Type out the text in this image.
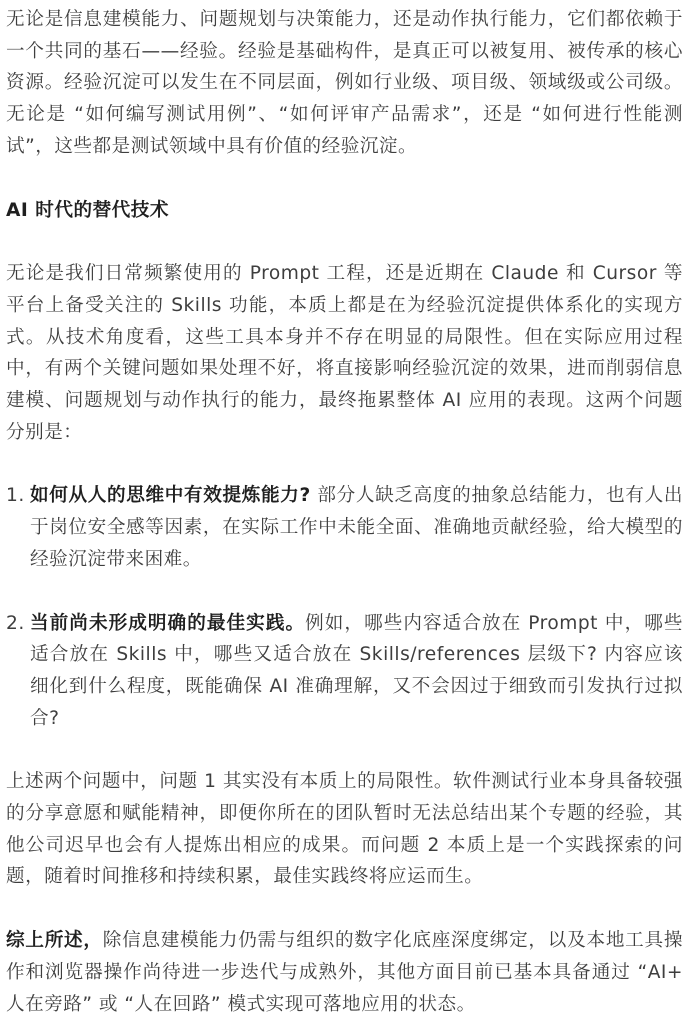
无论是信息建模能力、问题规划与决策能力，还是动作执行能力，它们都依赖于一个共同的基石——经验。经验是基础构件，是真正可以被复用、被传承的核心资源。经验沉淀可以发生在不同层面，例如行业级、项目级、领域级或公司级。无论是 “如何编写测试用例”、“如何评审产品需求”，还是 “如何进行性能测试”，这些都是测试领域中具有价值的经验沉淀。

AI 时代的替代技术

无论是我们日常频繁使用的 Prompt 工程，还是近期在 Claude 和 Cursor 等平台上备受关注的 Skills 功能，本质上都是在为经验沉淀提供体系化的实现方式。从技术角度看，这些工具本身并不存在明显的局限性。但在实际应用过程中，有两个关键问题如果处理不好，将直接影响经验沉淀的效果，进而削弱信息建模、问题规划与动作执行的能力，最终拖累整体 AI 应用的表现。这两个问题分别是：

1. 如何从人的思维中有效提炼能力? 部分人缺乏高度的抽象总结能力，也有人出于岗位安全感等因素，在实际工作中未能全面、准确地贡献经验，给大模型的经验沉淀带来困难。
2. 当前尚未形成明确的最佳实践。例如，哪些内容适合放在 Prompt 中，哪些适合放在 Skills 中，哪些又适合放在 Skills/references 层级下? 内容应该细化到什么程度，既能确保 AI 准确理解，又不会因过于细致而引发执行过拟合?

上述两个问题中，问题 1 其实没有本质上的局限性。软件测试行业本身具备较强的分享意愿和赋能精神，即便你所在的团队暂时无法总结出某个专题的经验，其他公司迟早也会有人提炼出相应的成果。而问题 2 本质上是一个实践探索的问题，随着时间推移和持续积累，最佳实践终将应运而生。

综上所述，除信息建模能力仍需与组织的数字化底座深度绑定，以及本地工具操作和浏览器操作尚待进一步迭代与成熟外，其他方面目前已基本具备通过 “AI+ 人在旁路” 或 “人在回路” 模式实现可落地应用的状态。
